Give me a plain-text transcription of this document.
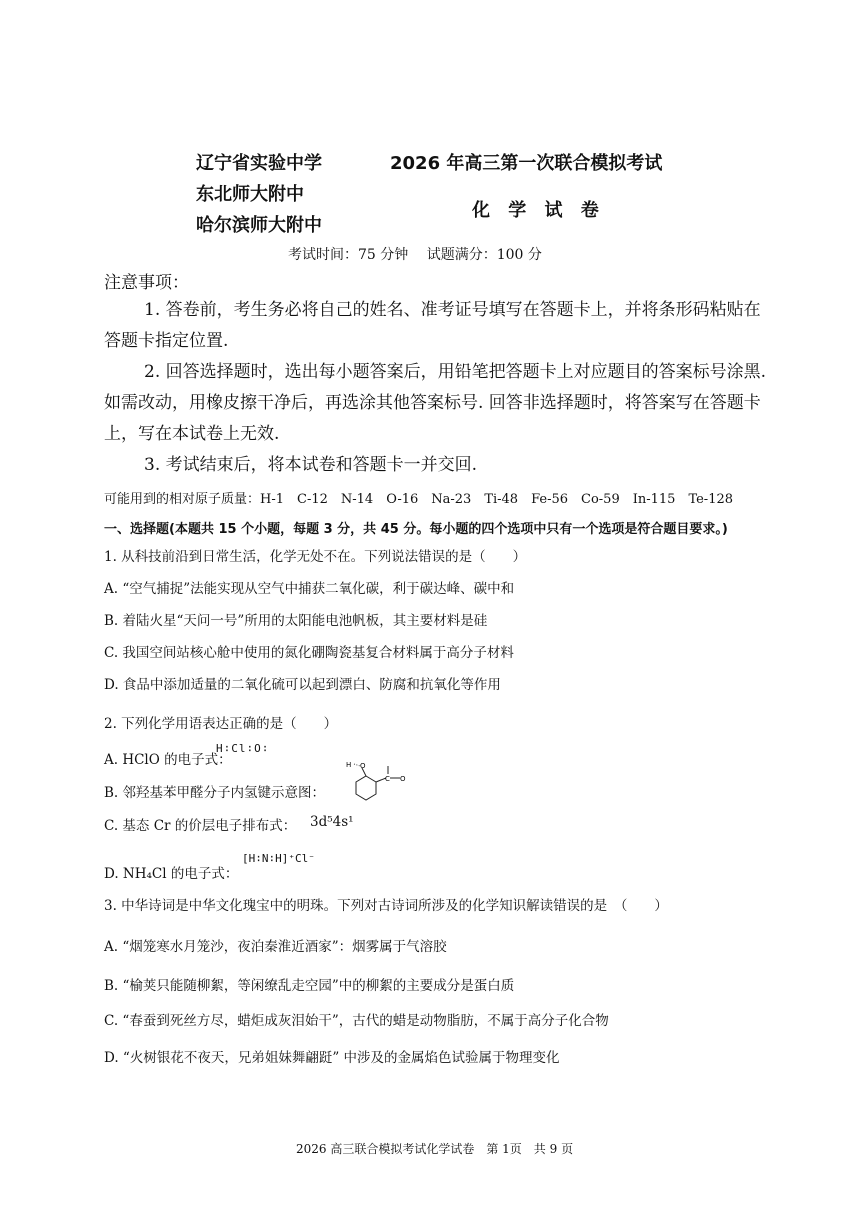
辽宁省实验中学
东北师大附中
哈尔滨师大附中
2026 年高三第一次联合模拟考试
化 学 试 卷
考试时间：75 分钟　 试题满分：100 分
注意事项：
1. 答卷前，考生务必将自己的姓名、准考证号填写在答题卡上，并将条形码粘贴在答题卡指定位置.
2. 回答选择题时，选出每小题答案后，用铅笔把答题卡上对应题目的答案标号涂黑. 如需改动，用橡皮擦干净后，再选涂其他答案标号. 回答非选择题时，将答案写在答题卡上，写在本试卷上无效.
3. 考试结束后，将本试卷和答题卡一并交回.
可能用到的相对原子质量：H-1　C-12　N-14　O-16　Na-23　Ti-48　Fe-56　Co-59　In-115　Te-128
一、选择题(本题共 15 个小题，每题 3 分，共 45 分。每小题的四个选项中只有一个选项是符合题目要求。)
1. 从科技前沿到日常生活，化学无处不在。下列说法错误的是（　　）
A. “空气捕捉”法能实现从空气中捕获二氧化碳，利于碳达峰、碳中和
B. 着陆火星“天问一号”所用的太阳能电池帆板，其主要材料是硅
C. 我国空间站核心舱中使用的氮化硼陶瓷基复合材料属于高分子材料
D. 食品中添加适量的二氧化硫可以起到漂白、防腐和抗氧化等作用
2. 下列化学用语表达正确的是（　　）
A. HClO 的电子式：
H∶Cl∶O∶
B. 邻羟基苯甲醛分子内氢键示意图：
H O
C O
C. 基态 Cr 的价层电子排布式： 3d⁵4s¹
D. NH₄Cl 的电子式：
[H∶N∶H]⁺Cl⁻
3. 中华诗词是中华文化瑰宝中的明珠。下列对古诗词所涉及的化学知识解读错误的是　（　　）
A. “烟笼寒水月笼沙，夜泊秦淮近酒家”：烟雾属于气溶胶
B. “榆荚只能随柳絮，等闲缭乱走空园”中的柳絮的主要成分是蛋白质
C. “春蚕到死丝方尽，蜡炬成灰泪始干”，古代的蜡是动物脂肪，不属于高分子化合物
D. “火树银花不夜天，兄弟姐妹舞翩跹” 中涉及的金属焰色试验属于物理变化
2026 高三联合模拟考试化学试卷　第 1页　共 9 页
